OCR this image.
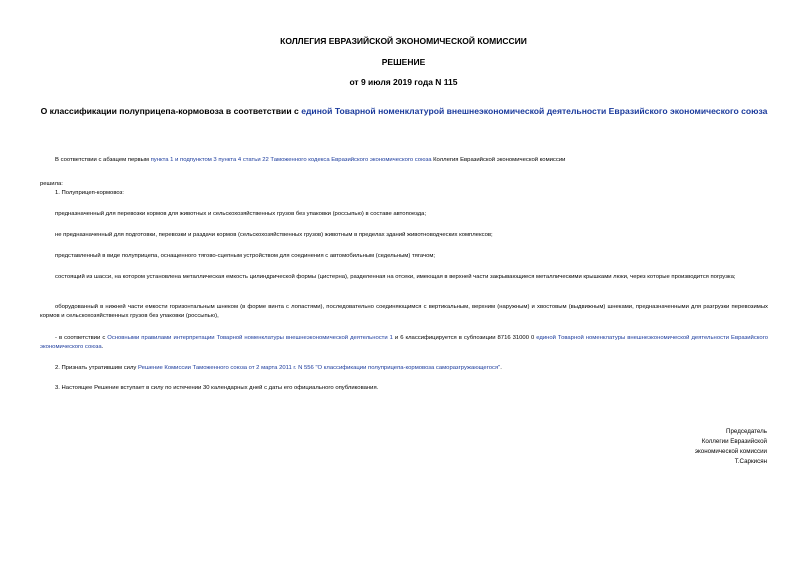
КОЛЛЕГИЯ ЕВРАЗИЙСКОЙ ЭКОНОМИЧЕСКОЙ КОМИССИИ
РЕШЕНИЕ
от 9 июля 2019 года N 115
О классификации полуприцепа-кормовоза в соответствии с единой Товарной номенклатурой внешнеэкономической деятельности Евразийского экономического союза
В соответствии с абзацем первым пункта 1 и подпунктом 3 пункта 4 статьи 22 Таможенного кодекса Евразийского экономического союза Коллегия Евразийской экономической комиссии
решила:
1. Полуприцеп-кормовоз:
предназначенный для перевозки кормов для животных и сельскохозяйственных грузов без упаковки (россыпью) в составе автопоезда;
не предназначенный для подготовки, перевозки и раздачи кормов (сельскохозяйственных грузов) животным в пределах зданий животноводческих комплексов;
представленный в виде полуприцепа, оснащенного тягово-сцепным устройством для соединения с автомобильным (седельным) тягачом;
состоящий из шасси, на котором установлена металлическая емкость цилиндрической формы (цистерна), разделенная на отсеки, имеющая в верхней части закрывающиеся металлическими крышками люки, через которые производится погрузка;
оборудованный в нижней части емкости горизонтальным шнеком (в форме винта с лопастями), последовательно соединяющимся с вертикальным, верхним (наружным) и хвостовым (выдвижным) шнеками, предназначенными для разгрузки перевозимых кормов и сельскохозяйственных грузов без упаковки (россыпью),
- в соответствии с Основными правилами интерпретации Товарной номенклатуры внешнеэкономической деятельности 1 и 6 классифицируется в субпозиции 8716 31000 0 единой Товарной номенклатуры внешнеэкономической деятельности Евразийского экономического союза.
2. Признать утратившим силу Решение Комиссии Таможенного союза от 2 марта 2011 г. N 556 "О классификации полуприцепа-кормовоза саморазгружающегося".
3. Настоящее Решение вступает в силу по истечении 30 календарных дней с даты его официального опубликования.
Председатель
Коллегии Евразийской
экономической комиссии
Т.Саркисян
